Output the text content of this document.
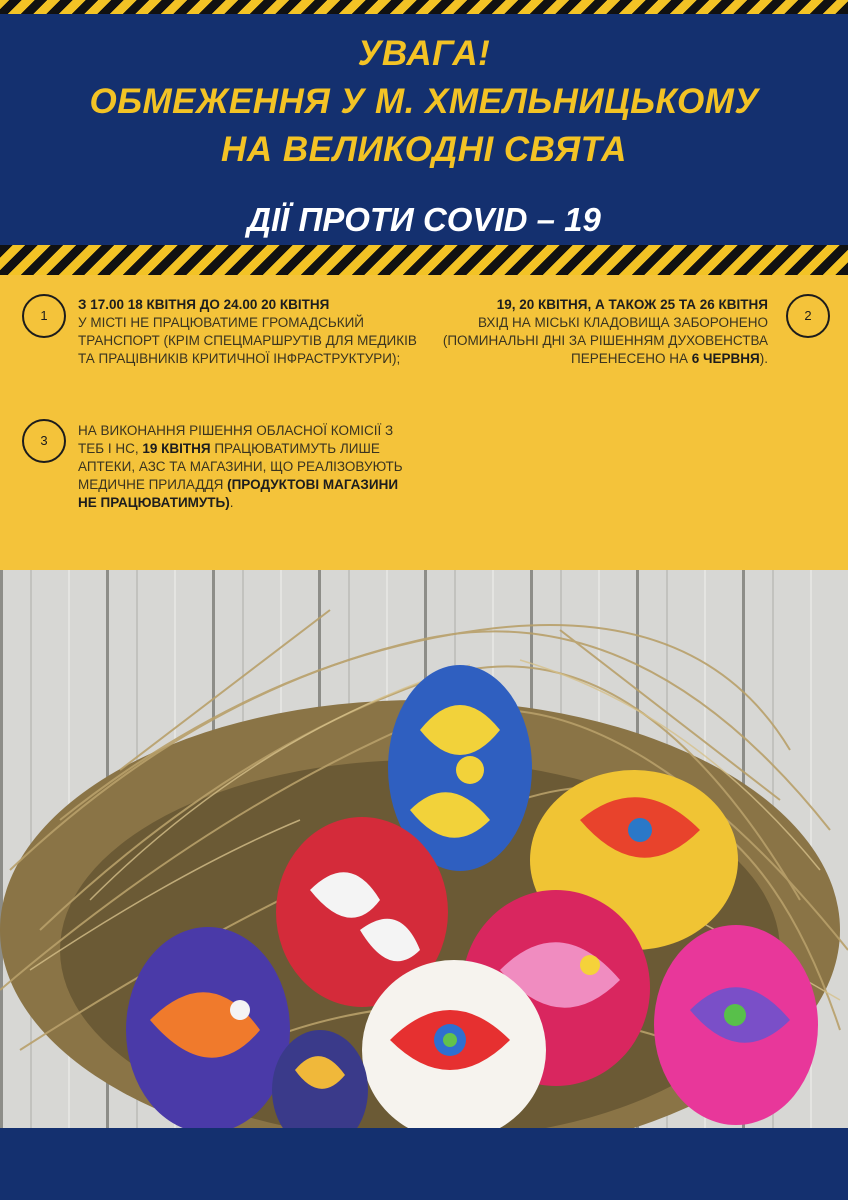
УВАГА!
ОБМЕЖЕННЯ У М. ХМЕЛЬНИЦЬКОМУ
НА ВЕЛИКОДНІ СВЯТА
ДІЇ ПРОТИ COVID – 19
1
З 17.00 18 КВІТНЯ ДО 24.00 20 КВІТНЯ
У МІСТІ НЕ ПРАЦЮВАТИМЕ ГРОМАДСЬКИЙ ТРАНСПОРТ (КРІМ СПЕЦМАРШРУТІВ ДЛЯ МЕДИКІВ ТА ПРАЦІВНИКІВ КРИТИЧНОЇ ІНФРАСТРУКТУРИ);
2
19, 20 КВІТНЯ, А ТАКОЖ 25 ТА 26 КВІТНЯ
ВХІД НА МІСЬКІ КЛАДОВИЩА ЗАБОРОНЕНО (ПОМИНАЛЬНІ ДНІ ЗА РІШЕННЯМ ДУХОВЕНСТВА ПЕРЕНЕСЕНО НА 6 ЧЕРВНЯ).
3
НА ВИКОНАННЯ РІШЕННЯ ОБЛАСНОЇ КОМІСІЇ З ТЕБ І НС, 19 КВІТНЯ ПРАЦЮВАТИМУТЬ ЛИШЕ АПТЕКИ, АЗС ТА МАГАЗИНИ, ЩО РЕАЛІЗОВУЮТЬ МЕДИЧНЕ ПРИЛАДДЯ (ПРОДУКТОВІ МАГАЗИНИ НЕ ПРАЦЮВАТИМУТЬ).
